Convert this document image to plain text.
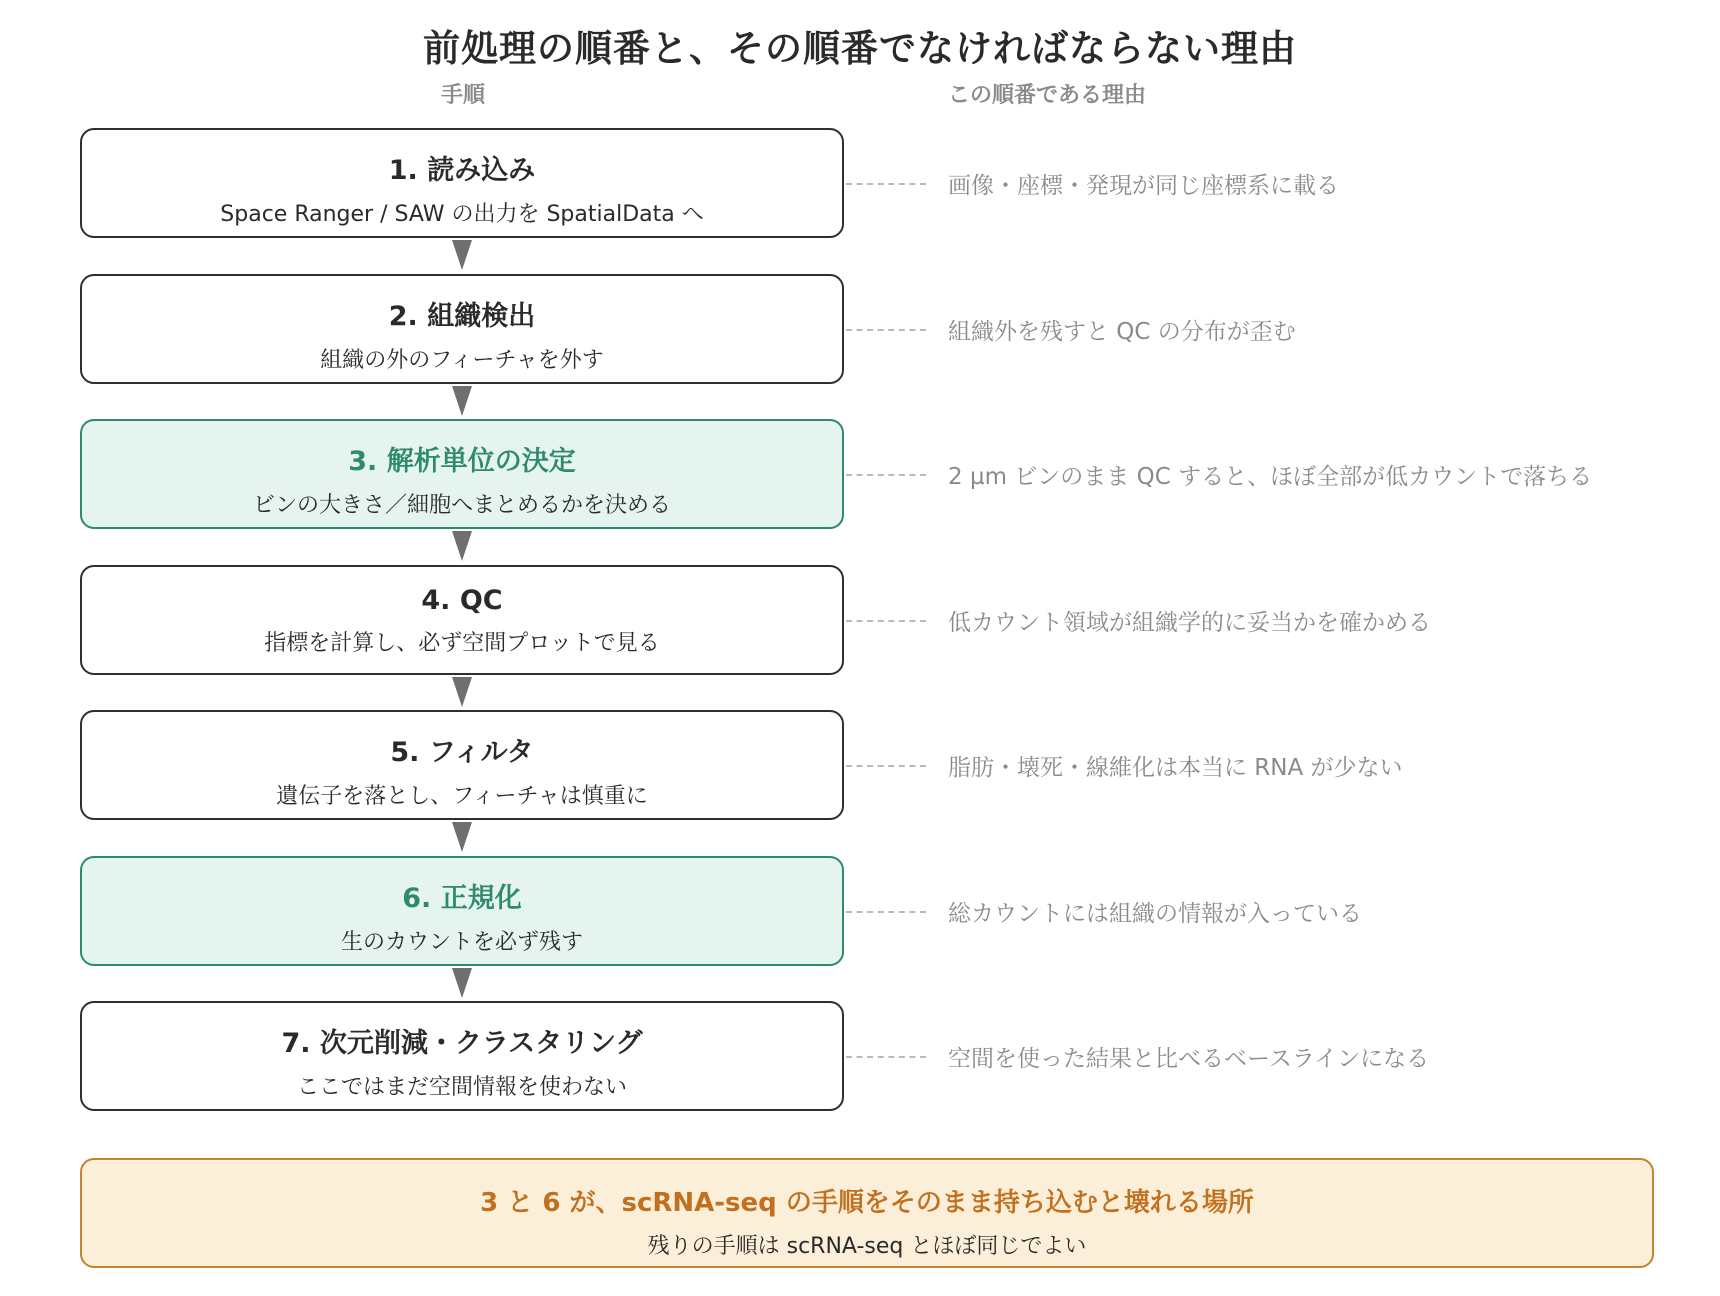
前処理の順番と、その順番でなければならない理由
手順	この順番である理由
1. 読み込み
Space Ranger / SAW の出力を SpatialData へ
画像・座標・発現が同じ座標系に載る
2. 組織検出
組織の外のフィーチャを外す
組織外を残すと QC の分布が歪む
3. 解析単位の決定
ビンの大きさ／細胞へまとめるかを決める
2 µm ビンのまま QC すると、ほぼ全部が低カウントで落ちる
4. QC
指標を計算し、必ず空間プロットで見る
低カウント領域が組織学的に妥当かを確かめる
5. フィルタ
遺伝子を落とし、フィーチャは慎重に
脂肪・壊死・線維化は本当に RNA が少ない
6. 正規化
生のカウントを必ず残す
総カウントには組織の情報が入っている
7. 次元削減・クラスタリング
ここではまだ空間情報を使わない
空間を使った結果と比べるベースラインになる
3 と 6 が、scRNA-seq の手順をそのまま持ち込むと壊れる場所
残りの手順は scRNA-seq とほぼ同じでよい
